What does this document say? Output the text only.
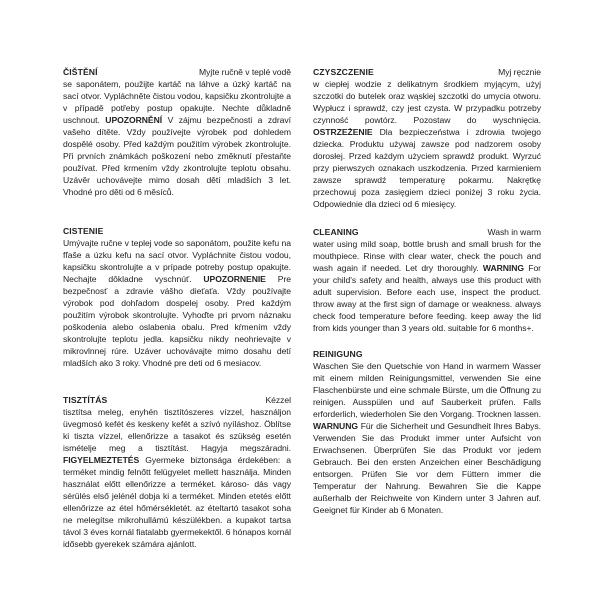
ČIŠTĚNÍ	Myjte ručně v teplé vodě
se saponátem, použijte kartáč na láhve a úzký kartáč na sací otvor. Vypláchněte čistou vodou, kapsičku zkontrolujte a v případě potřeby postup opakujte. Nechte důkladně uschnout. UPOZORNĚNÍ V zájmu bezpečnosti a zdraví vašeho dítěte. Vždy používejte výrobek pod dohledem dospělé osoby. Před každým použitím výrobek zkontrolujte. Při prvních známkách poškození nebo změknutí přestaňte používat. Před krmením vždy zkontrolujte teplotu obsahu. Uzávěr uchovávejte mimo dosah dětí mladších 3 let. Vhodné pro děti od 6 měsíců.

CISTENIE
Umývajte ručne v teplej vode so saponátom, použite kefu na fľaše a úzku kefu na sací otvor. Vypláchnite čistou vodou, kapsičku skontrolujte a v prípade potreby postup opakujte. Nechajte dôkladne vyschnúť. UPOZORNENIE Pre bezpečnosť a zdravie vášho dieťaťa. Vždy používajte výrobok pod dohľadom dospelej osoby. Pred každým použitím výrobok skontrolujte. Vyhoďte pri prvom náznaku poškodenia alebo oslabenia obalu. Pred kŕmením vždy skontrolujte teplotu jedla. kapsičku nikdy neohrievajte v mikrovlnnej rúre. Uzáver uchovávajte mimo dosahu detí mladších ako 3 roky. Vhodné pre deti od 6 mesiacov.

TISZTÍTÁS	Kézzel
tisztítsa meleg, enyhén tisztítószeres vízzel, használjon üvegmosó kefét és keskeny kefét a szívó nyíláshoz. Öblítse ki tiszta vízzel, ellenőrizze a tasakot és szükség esetén ismételje meg a tisztítást. Hagyja megszáradni. FIGYELMEZTETÉS Gyermeke biztonsága érdekében: a terméket mindig felnőtt felügyelet mellett használja. Minden használat előtt ellenőrizze a terméket. károso- dás vagy sérülés első jelénél dobja ki a terméket. Minden etetés előtt ellenőrizze az étel hőmérsékletét. az ételtartó tasakot soha ne melegítse mikrohullámú készülékben. a kupakot tartsa távol 3 éves kornál fiatalabb gyermekektől. 6 hónapos kornál idősebb gyerekek számára ajánlott.

CZYSZCZENIE	Myj ręcznie
w ciepłej wodzie z delikatnym środkiem myjącym, użyj szczotki do butelek oraz wąskiej szczotki do umycia otworu. Wypłucz i sprawdź, czy jest czysta. W przypadku potrzeby czynność powtórz. Pozostaw do wyschnięcia. OSTRZEŻENIE Dla bezpieczeństwa i zdrowia twojego dziecka. Produktu używaj zawsze pod nadzorem osoby dorosłej. Przed każdym użyciem sprawdź produkt. Wyrzuć przy pierwszych oznakach uszkodzenia. Przed karmieniem zawsze sprawdź temperaturę pokarmu. Nakrętkę przechowuj poza zasięgiem dzieci poniżej 3 roku życia. Odpowiednie dla dzieci od 6 miesięcy.

CLEANING	Wash in warm
water using mild soap, bottle brush and small brush for the mouthpiece. Rinse with clear water, check the pouch and wash again if needed. Let dry thoroughly. WARNING For your child's safety and health, always use this product with adult supervision. Before each use, inspect the product. throw away at the first sign of damage or weakness. always check food temperature before feeding. keep away the lid from kids younger than 3 years old. suitable for 6 months+.

REINIGUNG
Waschen Sie den Quetschie von Hand in warmem Wasser mit einem milden Reinigungsmittel, verwenden Sie eine Flaschenbürste und eine schmale Bürste, um die Öffnung zu reinigen. Ausspülen und auf Sauberkeit prüfen. Falls erforderlich, wiederholen Sie den Vorgang. Trocknen lassen. WARNUNG Für die Sicherheit und Gesundheit Ihres Babys. Verwenden Sie das Produkt immer unter Aufsicht von Erwachsenen. Überprüfen Sie das Produkt vor jedem Gebrauch. Bei den ersten Anzeichen einer Beschädigung entsorgen. Prüfen Sie vor dem Füttern immer die Temperatur der Nahrung. Bewahren Sie die Kappe außerhalb der Reichweite von Kindern unter 3 Jahren auf. Geeignet für Kinder ab 6 Monaten.
